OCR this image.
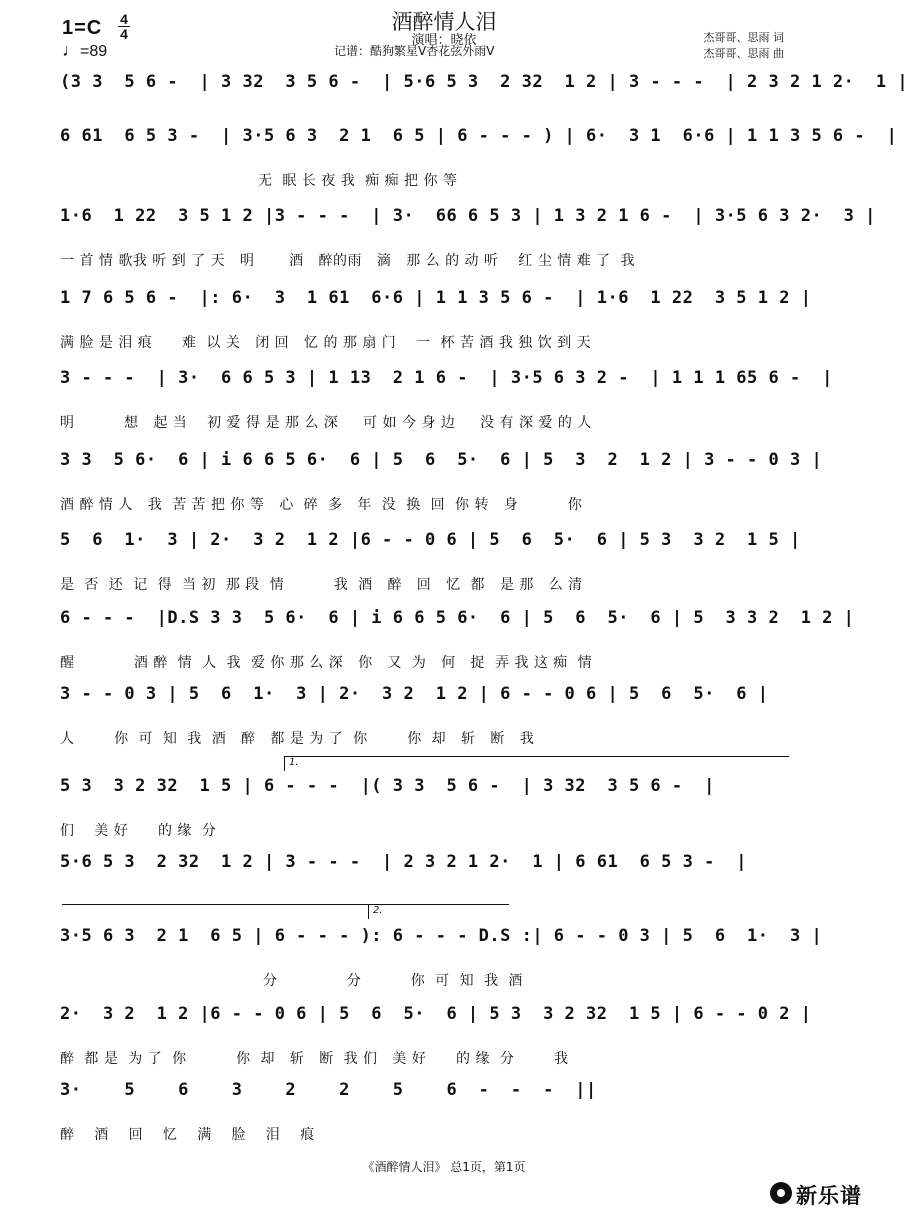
1=C 4
4
♩=89
酒醉情人泪
演唱：晓依
记谱：酷狗繁星V杏花弦外雨V
杰哥哥、思雨 词
杰哥哥、思雨 曲
(3 3  5 6 -  | 3 32  3 5 6 -  | 5·6 5 3  2 32  1 2 | 3 - - -  | 2 3 2 1 2·  1 |
6 61  6 5 3 -  | 3·5 6 3  2 1  6 5 | 6 - - - ) | 6·  3 1  6·6 | 1 1 3 5 6 -  |
无  眠 长 夜 我  痴 痴 把 你 等
1·6  1 22  3 5 1 2 |3 - - -  | 3·  66 6 5 3 | 1 3 2 1 6 -  | 3·5 6 3 2·  3 |
一 首 情 歌我 听 到 了 天   明       酒   醉的雨   滴   那 么 的 动 听    红 尘 情 难 了  我
1 7 6 5 6 -  |: 6·  3  1 61  6·6 | 1 1 3 5 6 -  | 1·6  1 22  3 5 1 2 |
满 脸 是 泪 痕      难  以 关   闭 回   忆 的 那 扇 门    一  杯 苦 酒 我 独 饮 到 天
3 - - -  | 3·  6 6 5 3 | 1 13  2 1 6 -  | 3·5 6 3 2 -  | 1 1 1 65 6 -  |
明          想   起 当    初 爱 得 是 那 么 深     可 如 今 身 边     没 有 深 爱 的 人
3 3  5 6·  6 | i 6 6 5 6·  6 | 5  6  5·  6 | 5  3  2  1 2 | 3 - - 0 3 |
酒 醉 情 人   我  苦 苦 把 你 等   心  碎  多   年  没  换  回  你 转   身          你
5  6  1·  3 | 2·  3 2  1 2 |6 - - 0 6 | 5  6  5·  6 | 5 3  3 2  1 5 |
是  否  还  记  得  当 初  那 段  情          我  酒   醉   回   忆  都   是 那   么 清
6 - - -  |D.S 3 3  5 6·  6 | i 6 6 5 6·  6 | 5  6  5·  6 | 5  3 3 2  1 2 |
醒            酒 醉  情  人  我  爱 你 那 么 深   你   又  为   何   捉  弄 我 这 痴  情
3 - - 0 3 | 5  6  1·  3 | 2·  3 2  1 2 | 6 - - 0 6 | 5  6  5·  6 |
人        你  可  知  我  酒   醉   都 是 为 了  你        你  却   斩   断   我
1.
5 3  3 2 32  1 5 | 6 - - -  |( 3 3  5 6 -  | 3 32  3 5 6 -  |
们    美 好      的 缘  分
5·6 5 3  2 32  1 2 | 3 - - -  | 2 3 2 1 2·  1 | 6 61  6 5 3 -  |
2.
3·5 6 3  2 1  6 5 | 6 - - - ): 6 - - - D.S :| 6 - - 0 3 | 5  6  1·  3 |
分              分          你  可  知  我  酒
2·  3 2  1 2 |6 - - 0 6 | 5  6  5·  6 | 5 3  3 2 32  1 5 | 6 - - 0 2 |
醉  都 是  为 了  你          你  却   斩   断  我 们   美 好      的 缘  分        我
3·    5    6    3    2    2    5    6  -  -  -  ||
醉    酒    回    忆    满    脸    泪    痕
《酒醉情人泪》 总1页，第1页
新乐谱
